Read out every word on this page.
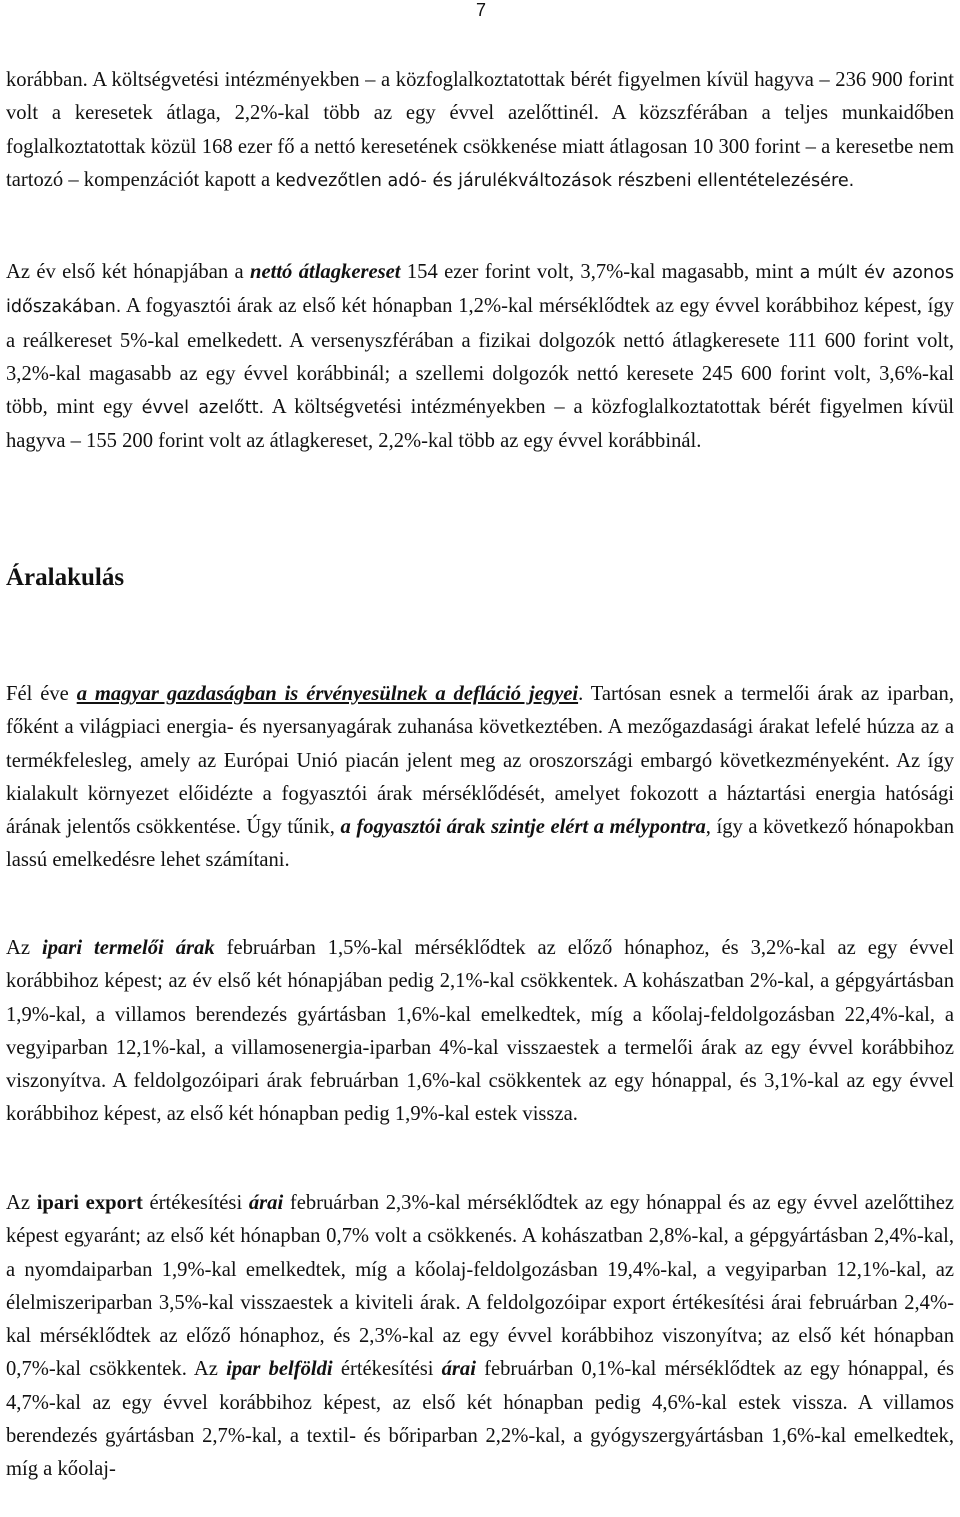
7

korábban. A költségvetési intézményekben – a közfoglalkoztatottak bérét figyelmen kívül hagyva – 236 900 forint volt a keresetek átlaga, 2,2%-kal több az egy évvel azelőttinél. A közszférában a teljes munkaidőben foglalkoztatottak közül 168 ezer fő a nettó keresetének csökkenése miatt átlagosan 10 300 forint – a keresetbe nem tartozó – kompenzációt kapott a kedvezőtlen adó- és járulékváltozások részbeni ellentételezésére.

Az év első két hónapjában a nettó átlagkereset 154 ezer forint volt, 3,7%-kal magasabb, mint a múlt év azonos időszakában. A fogyasztói árak az első két hónapban 1,2%-kal mérséklődtek az egy évvel korábbihoz képest, így a reálkereset 5%-kal emelkedett. A versenyszférában a fizikai dolgozók nettó átlagkeresete 111 600 forint volt, 3,2%-kal magasabb az egy évvel korábbinál; a szellemi dolgozók nettó keresete 245 600 forint volt, 3,6%-kal több, mint egy évvel azelőtt. A költségvetési intézményekben – a közfoglalkoztatottak bérét figyelmen kívül hagyva – 155 200 forint volt az átlagkereset, 2,2%-kal több az egy évvel korábbinál.

Áralakulás

Fél éve a magyar gazdaságban is érvényesülnek a defláció jegyei. Tartósan esnek a termelői árak az iparban, főként a világpiaci energia- és nyersanyagárak zuhanása következtében. A mezőgazdasági árakat lefelé húzza az a termékfelesleg, amely az Európai Unió piacán jelent meg az oroszországi embargó következményeként. Az így kialakult környezet előidézte a fogyasztói árak mérséklődését, amelyet fokozott a háztartási energia hatósági árának jelentős csökkentése. Úgy tűnik, a fogyasztói árak szintje elért a mélypontra, így a következő hónapokban lassú emelkedésre lehet számítani.

Az ipari termelői árak februárban 1,5%-kal mérséklődtek az előző hónaphoz, és 3,2%-kal az egy évvel korábbihoz képest; az év első két hónapjában pedig 2,1%-kal csökkentek. A kohászatban 2%-kal, a gépgyártásban 1,9%-kal, a villamos berendezés gyártásban 1,6%-kal emelkedtek, míg a kőolaj-feldolgozásban 22,4%-kal, a vegyiparban 12,1%-kal, a villamosenergia-iparban 4%-kal visszaestek a termelői árak az egy évvel korábbihoz viszonyítva. A feldolgozóipari árak februárban 1,6%-kal csökkentek az egy hónappal, és 3,1%-kal az egy évvel korábbihoz képest, az első két hónapban pedig 1,9%-kal estek vissza.

Az ipari export értékesítési árai februárban 2,3%-kal mérséklődtek az egy hónappal és az egy évvel azelőttihez képest egyaránt; az első két hónapban 0,7% volt a csökkenés. A kohászatban 2,8%-kal, a gépgyártásban 2,4%-kal, a nyomdaiparban 1,9%-kal emelkedtek, míg a kőolaj-feldolgozásban 19,4%-kal, a vegyiparban 12,1%-kal, az élelmiszeriparban 3,5%-kal visszaestek a kiviteli árak. A feldolgozóipar export értékesítési árai februárban 2,4%-kal mérséklődtek az előző hónaphoz, és 2,3%-kal az egy évvel korábbihoz viszonyítva; az első két hónapban 0,7%-kal csökkentek. Az ipar belföldi értékesítési árai februárban 0,1%-kal mérséklődtek az egy hónappal, és 4,7%-kal az egy évvel korábbihoz képest, az első két hónapban pedig 4,6%-kal estek vissza. A villamos berendezés gyártásban 2,7%-kal, a textil- és bőriparban 2,2%-kal, a gyógyszergyártásban 1,6%-kal emelkedtek, míg a kőolaj-
